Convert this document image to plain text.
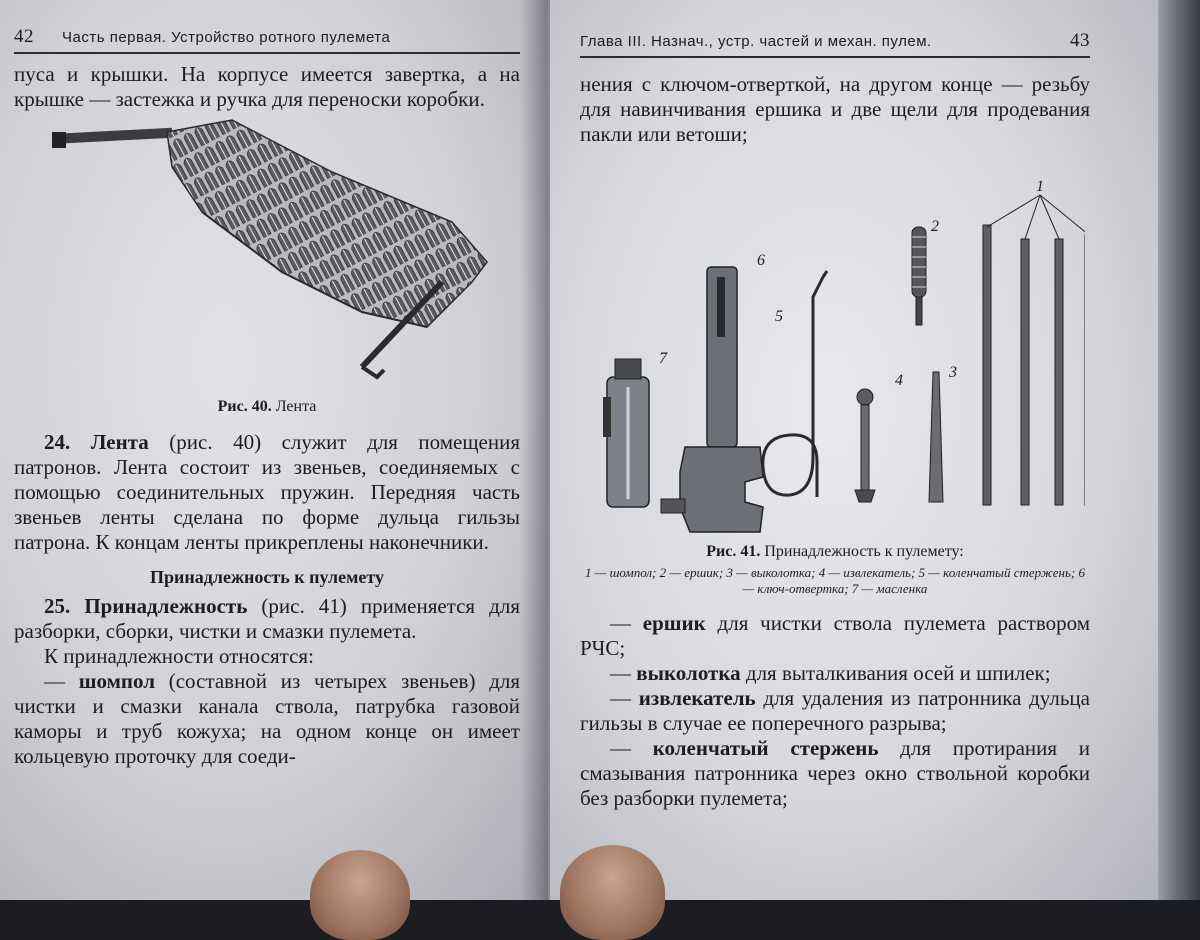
42 Часть первая. Устройство ротного пулемета

пуса и крышки. На корпусе имеется завертка, а на крышке — застежка и ручка для переноски коробки.

Рис. 40. Лента

24. Лента (рис. 40) служит для помещения патронов. Лента состоит из звеньев, соединяемых с помощью соединительных пружин. Передняя часть звеньев ленты сделана по форме дульца гильзы патрона. К концам ленты прикреплены наконечники.

Принадлежность к пулемету

25. Принадлежность (рис. 41) применяется для разборки, сборки, чистки и смазки пулемета.

К принадлежности относятся:

— шомпол (составной из четырех звеньев) для чистки и смазки канала ствола, патрубка газовой каморы и труб кожуха; на одном конце он имеет кольцевую проточку для соеди-

Глава III. Назнач., устр. частей и механ. пулем.	43

нения с ключом-отверткой, на другом конце — резьбу для навинчивания ершика и две щели для продевания пакли или ветоши;

1
2
3
4
5
6
7

Рис. 41. Принадлежность к пулемету:

1 — шомпол; 2 — ершик; 3 — выколотка; 4 — извлекатель; 5 — коленчатый стержень; 6 — ключ-отвертка; 7 — масленка

— ершик для чистки ствола пулемета раствором РЧС;

— выколотка для выталкивания осей и шпилек;

— извлекатель для удаления из патронника дульца гильзы в случае ее поперечного разрыва;

— коленчатый стержень для протирания и смазывания патронника через окно ствольной коробки без разборки пулемета;
